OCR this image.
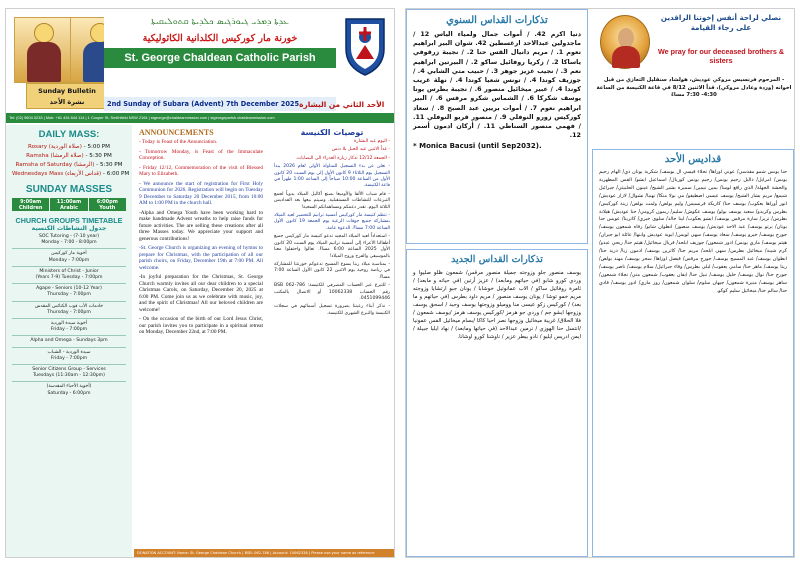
Sunday Bulletin
نشرة الأحد
ܥܕܬܐ ܕܡܪܝ ܓܝܘܪܓܝܣ ܟܠܕܝܬܐ ܩܬܘܠܝܩܝܬܐ
خورنة مار كوركيس الكلدانية الكاثوليكية
St. George Chaldean Catholic Parish
2nd Sunday of Subara (Advent) 7th December 2025 الأحد الثاني من البشارة
Tel: (02) 9604 0233 | Mob: +61 434 844 114 | 1 Cooper St, Smithfield NSW 2164 | stgeorge@chaldeanmission.com | stgeorgeparish.chaldeanmission.com
DAILY MASS:
Rosary (صلاة الوردية) - 5:00 PM
Ramsha (صلاة الرمشا) - 5:30 PM
Ramsha of Saturday (الرمشا) - 5:30 PM
Wednesdays Mass (قداس الأربعاء) - 6:00 PM
SUNDAY MASSES
9:00am Children
11:00am Arabic
6:00pm Youth
CHURCH GROUPS TIMETABLE
جدول النشاطات الكنسية
SOC Tutoring - (7-10 year)
Monday - 7:00 - 8:00pm
أخوية مار كوركيس
Monday - 7:00pm
Ministers of Christ - Junior
(Years 7-9) Tuesday - 7:00pm
Agape - Seniors (10-12 Year)
Thursday - 7:00pm
خادمات الأب قوب الكنائس المقدس
Thursday - 7:00pm
أخوية سيدة الوردية
Friday - 7:00pm
Alpha and Omega - Sundays 3pm
سيدة الوردية - الشباب
Friday - 7:00pm
Senior Citizens Group - Services
Tuesdays (11:30am - 12:30pm)
(أخوية الأحباء المقدسة)
Saturday - 6:00pm
ANNOUNCEMENTS
- Today is Feast of the Annunciation.
- Tomorrow Monday, is Feast of the Immaculate Conception.
- Friday 12/12, Commemoration of the visit of Blessed Mary to Elizabeth.
- We announce the start of registration for First Holy Communion for 2026. Registration will begin on Tuesday 9 December to Saturday 20 December 2015, from 10:00 AM to 1:00 PM in the church hall.
-Alpha and Omega Youth have been working hard to make handmade Advent wreaths to help raise funds for future activities. The are selling these creations after all three Masses today. We appreciate your support and generous contributions!
-St. George Church is organizing an evening of hymns to prepare for Christmas, with the participation of all our parish choirs, on Friday, December 19th at 7:00 PM. All welcome.
-In joyful preparation for the Christmas, St. George Church warmly invites all our dear children to a special Christmas Carols, on Saturday, December 20, 2025 at 6:00 PM. Come join us as we celebrate with music, joy, and the spirit of Christmas! All our beloved children are welcome!
- On the occasion of the birth of our Lord Jesus Christ, our parish invites you to participate in a spiritual retreat on Monday, December 22nd, at 7:00 PM.
توصيات الكنيسة
- اليوم عيد البشارة
- غداً الاثنين عيد الحبل بلا دنس
- الجمعة 12/12 تذكار زيارة العذراء الى اليصابات.
- نعلن عن بدء التسجيل للمناولة الأولى لعام 2026 يبدأ التسجيل يوم الثلاثاء 9 كانون الأول إلى يوم السبت 20 كانون الأول من الساعة 10:00 صباحاً إلى الساعة 1:00 ظهراً في قاعة الكنيسة.
- قام شباب الألفا والأوميغا بصنع أكاليل الميلاد يدوياً لجمع التبرعات للنشاطات المستقبلية. وسيتم بيعها بعد القداديس الثلاثة اليوم. نقدر دعمكم ومساهماتكم السخية!
- تنظم كنيسة مار كوركيس أمسية ترانيم للتحضير لعيد الميلاد بمشاركة جميع جوقات الرعية يوم الجمعة 19 كانون الأول الساعة 7:00 مساءً. الدعوة عامة.
- استعداداً لعيد الميلاد المجيد تدعو كنيسة مار كوركيس جميع أطفالنا الأعزاء إلى أمسية ترانيم الميلاد يوم السبت 20 كانون الأول 2025 الساعة 6:00 مساءً. تعالوا واحتفلوا معنا بالموسيقى والفرح وروح الميلاد!
- بمناسبة ميلاد ربنا يسوع المسيح تدعوكم خورنتنا للمشاركة في رياضة روحية يوم الاثنين 22 كانون الأول الساعة 7:00 مساءً.
- للتبرع عبر الحساب المصرفي للكنيسة: BSB 062-786 رقم الحساب 10062338 أو الاتصال بالمكتب 0451099446.
- نذكر أبناء رعيتنا بضرورة تسجيل أسمائهم في سجلات الكنيسة والتبرع الشهري للكنيسة.
DONATION ACCOUNT: Name: St. George Chaldean Church | BSB: 062-786 | Account: 10062338 | Please use your name as reference
تذكارات القداس السنوي
دنيا اكرم 42. / أموات جمال ولمياء الياس 12 / ماجدولين عبدالاحد ارغسطين 42. شوان البير ابراهيم نعوم 1. / مريم دانيال القس حنا 2. / نجيبة زرقوفي ياساكا 2. / زكريا روفائيل ساكو 2. / البيرتين ابراهيم نعم 3. / نجيب عزيز جوهر 3. / حبيب متي الشابي 4. / جوزيف كوندا 4. / تونس شعيا كوندا 4. / نهلة غريب كوندا 4. / عبير ميخائيل منصور 6. / نجيبة بطرس يونا يوسف شكركا 6. / الشماس شكرو مرقس 6. / البير ابراهيم نعوم 7. / أموات بريين عبد الصبح 8. / سعاد كوركيس زورو النوفلي 9. / منصور قربو النوفلي 11. / فهمي منصور السناطي 11. / أركان ادمون أسمر 12.
* Monica Bacusi (until Sep2032).
نصلي لراحة أنفس إخوتنا الراقدين على رجاء القيامة
We pray for our deceased brothers & sisters
- المرحوم فرنسيس مروكي عوديش، هولشاد سنقليل التعازي من قبل اخوانه (وردة وعادل مروكي)، قداً الاثنين 8/12 في قاعة الكنيسة من الساعة 4:30- 7:30 مساءً
تذكارات القداس الجديد
يوسف منصور جلو وزوجته جميلة منصور مرقس/ شمعون ظلو صليوا و وردي كورو شابو (في حياتهم ومابعد) / عزيز أرتين (في حياته و مابعد) / ثامرة روفائيل ساكو / الاب عمانوئيل خوشابا / يونان جبو ارتشايا وزوجته مريم خمو توشا / يونان يوسف منصور / مريم داود بطرس (في حياتهم و ما بعد) / كوركيس زكو عيسى منا ووميلو وزوجتها يوسف وحيد / اسحق يوسف وزوجها ايشو جم / وردي جو هرمز /كوركيس يوسف هرمز /يوسف شمعون /فلا الحلاق/ غريبة ميخائيل وزوجها نصر احيا كاكا /بسام ميخائيل الفس عمونيا /انتسل حنا الهوزي / نرمين عبدالاحد (في حياتها ومابعد) / نهاد ايليا جبيلة / ايمن ادريس ايليو / نادو بيطر عزير / ناوشنا كورو اوشانا.
قداديس الأحد
حنا يونس شمو مقدسي/ عوني اوراها/ تحلاء فيسي ال يوسف/ شكرية يونان دي/ الهام رحيم يونس/ امرايل/ داليل رحيم يونس/ رحيم يونس كوريال/ اسماعيل ايشو/ القس المطهرية والحشة الجهلة/ الذي رافع لوسا/ يمين تيمين/ سميرة بشير الشيخ/ عينون الحلبيثي/ جبرائيل شيمع/ مريم بشار الشيخ/ يوسف عيسى اصطيفو/ مي بولا منكا/ نهنيا/ نشوال/ لازار عوديش/ انور أوراها يعكوب/ يوسف حنا/ كاريكة فرنسيس/ وليم بولص/ ولمت بولص/ زينة كوركيس/ بطرس وكريدو/ سعيد يوسف بولو/ يوسف عكوش/ سليم/ ريمون كرومي/ حنا عوديش/ هيلانة بطرس/ تريز/ سارة مرقس يوسف/ ايشو يعكوب/ لينا خالد/ سلوى خيري/ كاترينا/ عويس حنا يونان/ برتو يوسف/ عبد الاحد عوديش/ يوسف منصور/ انطوان شابو/ رفاه شمعون يوسف/ جورج يوسف/ خيرو يوسف/ سعاد يوسف/ سهى لويس/ ايوبة عوديش وابنها/ عائلة ابو جبران/ هيثم يوسف/ ماري يونس/ ادور شمعون/ جوزيف ابلحد/ فريال ميخائيل/ هيثم حنا/ ربحي عبدو/ كرم شيبة/ ميخائيل بطرس/ سهى ابلحد/ مريم حنا/ كاثرين يوسف/ ادمون زيا/ دريد حنا/ انطوان يوسف/ عبد المسيح يوسف/ جورج مرقس/ فيصل اوراها/ سحر يوسف/ مهند بولص/ ريتا يوسف/ ماهر حنا/ سامي يعقوب/ ليلى بطرس/ وفاء جبرائيل/ سلام يوسف/ ناصر يوسف/ جورج حنا/ نوال يوسف/ خليل يوسف/ نبيل حنا/ ايفان يعقوب/ شمعون متي/ نجلاء شمعون/ ساهر يوسف/ منيرة شمعون/ جيهان سلوم/ سلوان شمعون/ روز ماري/ ادور يوسف/ فادي حنا/ سالم حنا/ ميخائيل سليم كوكو.
